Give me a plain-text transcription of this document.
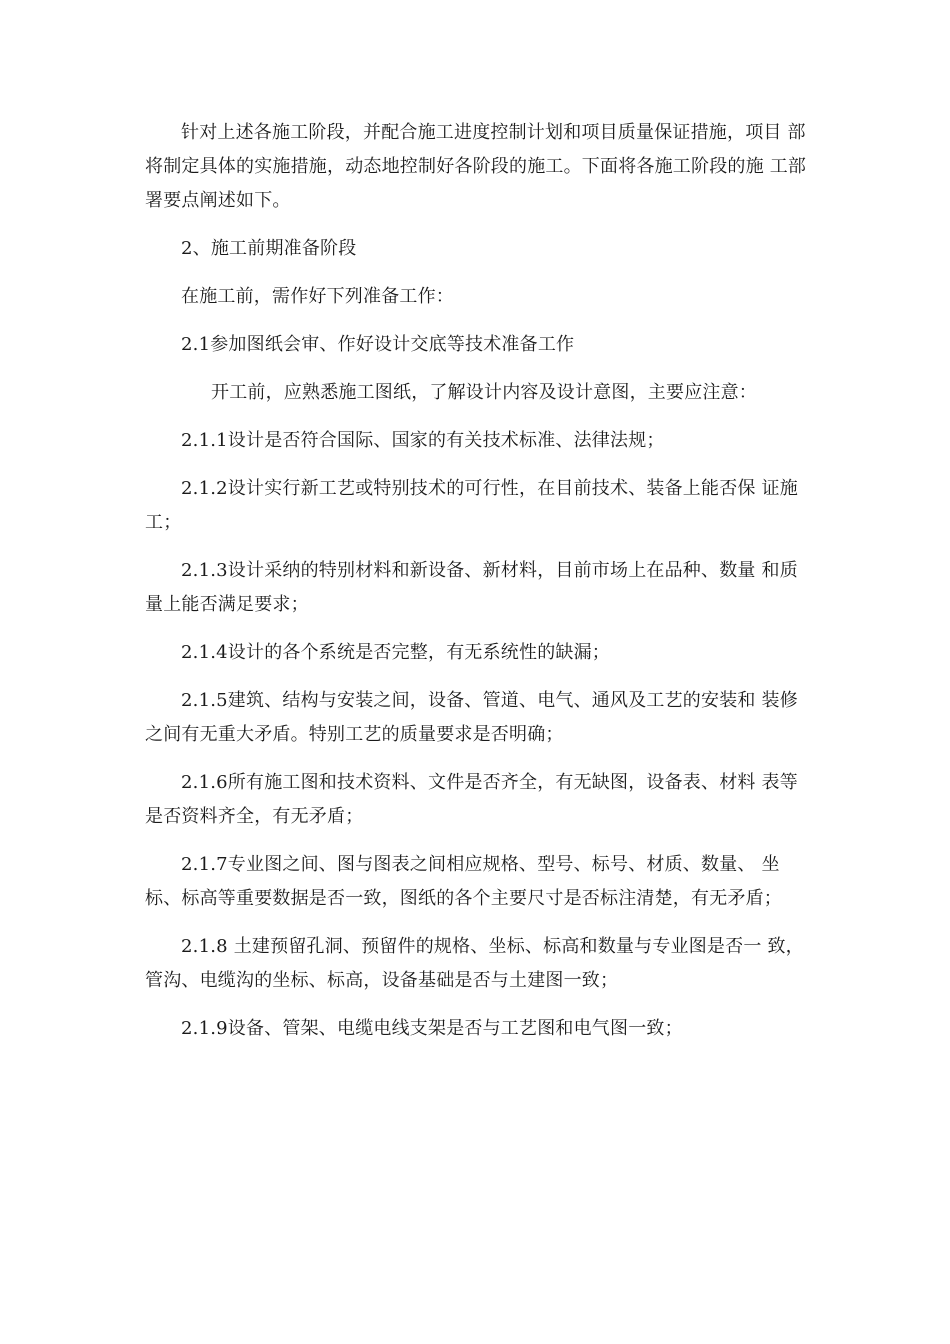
针对上述各施工阶段，并配合施工进度控制计划和项目质量保证措施，项目 部
将制定具体的实施措施，动态地控制好各阶段的施工。下面将各施工阶段的施 工部
署要点阐述如下。

2、施工前期准备阶段

在施工前，需作好下列准备工作：

2.1参加图纸会审、作好设计交底等技术准备工作

开工前，应熟悉施工图纸，了解设计内容及设计意图，主要应注意：

2.1.1设计是否符合国际、国家的有关技术标准、法律法规；

2.1.2设计实行新工艺或特别技术的可行性，在目前技术、装备上能否保 证施
工；

2.1.3设计采纳的特别材料和新设备、新材料，目前市场上在品种、数量 和质
量上能否满足要求；

2.1.4设计的各个系统是否完整，有无系统性的缺漏；

2.1.5建筑、结构与安装之间，设备、管道、电气、通风及工艺的安装和 装修
之间有无重大矛盾。特别工艺的质量要求是否明确；

2.1.6所有施工图和技术资料、文件是否齐全，有无缺图，设备表、材料 表等
是否资料齐全，有无矛盾；

2.1.7专业图之间、图与图表之间相应规格、型号、标号、材质、数量、 坐
标、标高等重要数据是否一致，图纸的各个主要尺寸是否标注清楚，有无矛盾；

2.1.8 土建预留孔洞、预留件的规格、坐标、标高和数量与专业图是否一 致，
管沟、电缆沟的坐标、标高，设备基础是否与土建图一致；

2.1.9设备、管架、电缆电线支架是否与工艺图和电气图一致；
